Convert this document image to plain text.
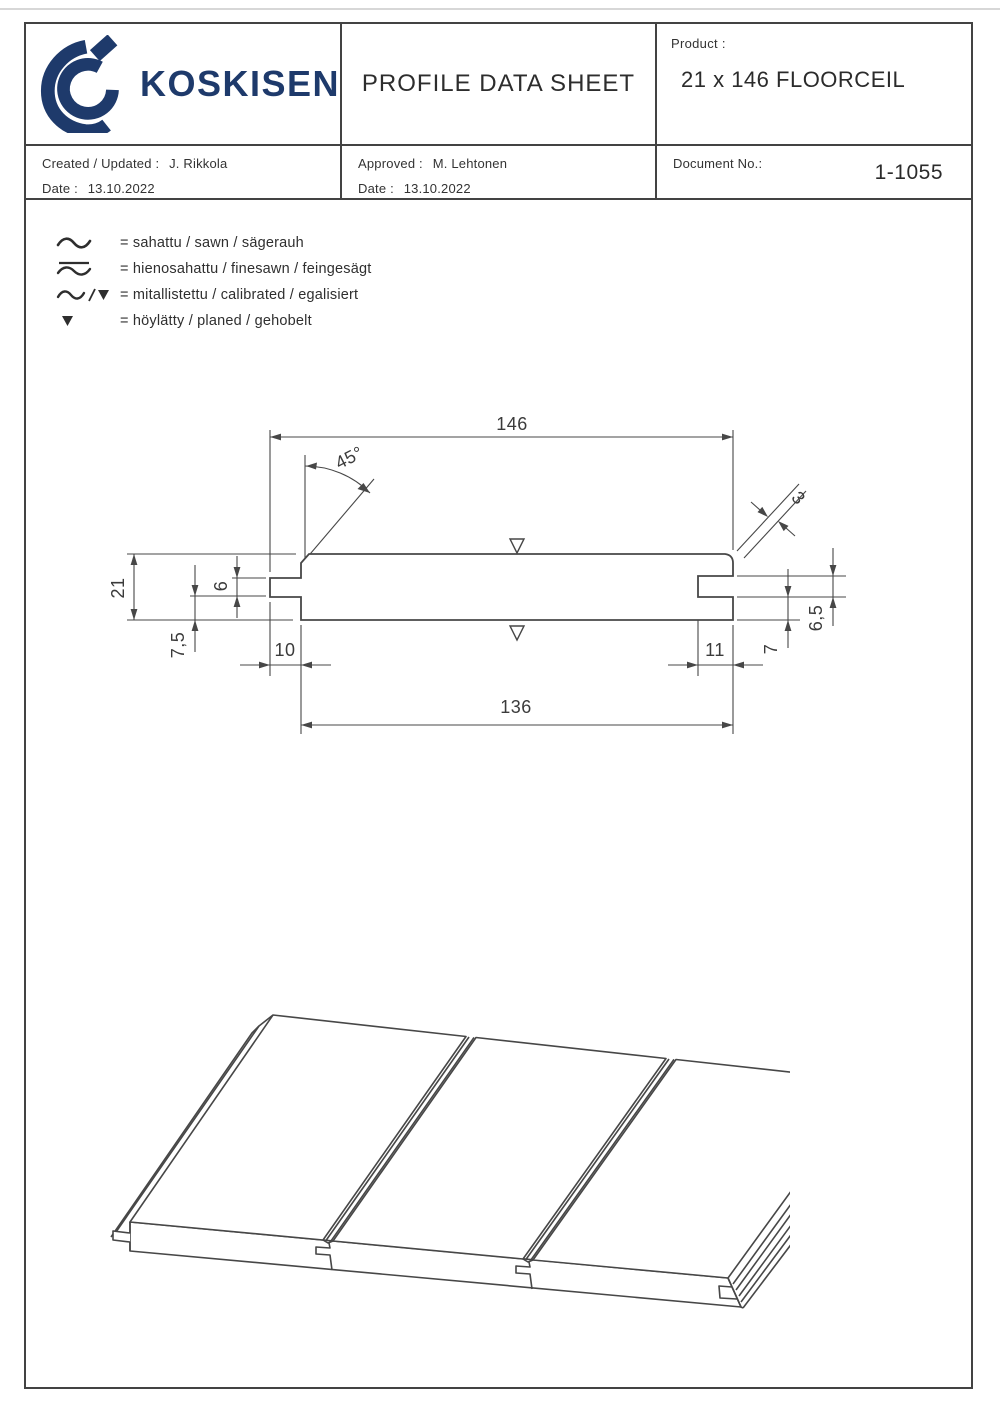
KOSKISEN PROFILE DATA SHEET
Product :
21 x 146 FLOORCEIL
Created / Updated : J. Rikkola
Date : 13.10.2022
Approved : M. Lehtonen
Date : 13.10.2022
Document No.:	1-1055
= sahattu / sawn / sägerauh
= hienosahattu / finesawn / feingesägt
= mitallistettu / calibrated / egalisiert
= höylätty / planed / gehobelt
146
45°
3
21	6
7,5	10	11 7
6,5
136
